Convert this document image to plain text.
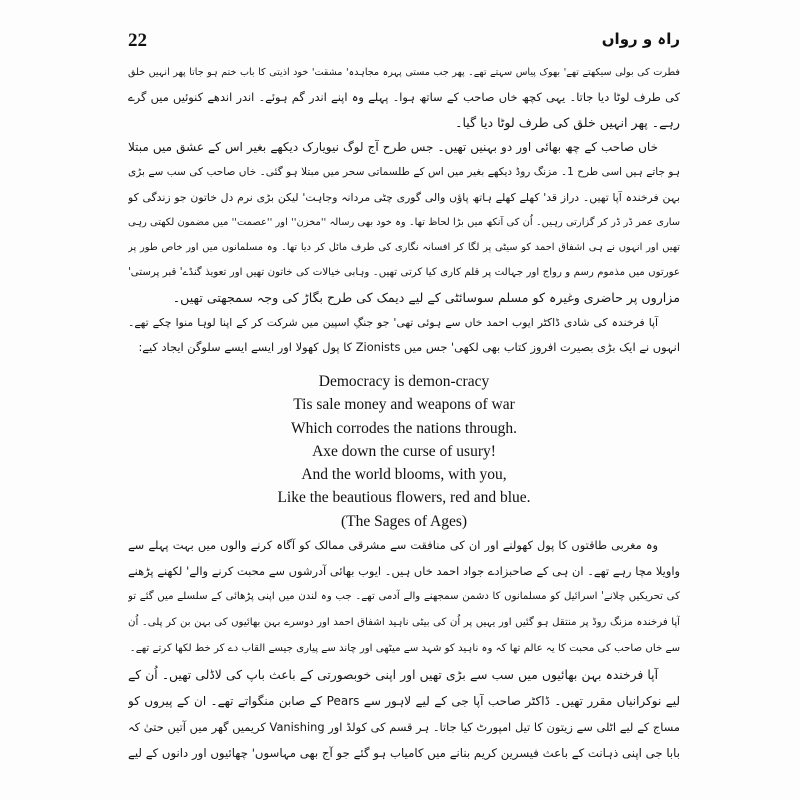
22	راہ و رواں
فطرت کی بولی سیکھتے تھے' بھوک پیاس سہتے تھے۔ پھر جب مستی پہرہ مجاہدہ' مشقت' خود اذیتی کا باب ختم ہو جاتا پھر انہیں خلق
کی طرف لوٹا دیا جاتا۔ یہی کچھ خاں صاحب کے ساتھ ہوا۔ پہلے وہ اپنے اندر گم ہوئے۔ اندر اندھے کنوئیں میں گرے
رہے۔ پھر انہیں خلق کی طرف لوٹا دیا گیا۔
خاں صاحب کے چھ بھائی اور دو بہنیں تھیں۔ جس طرح آج لوگ نیویارک دیکھے بغیر اس کے عشق میں مبتلا
ہو جاتے ہیں اسی طرح 1۔ مزنگ روڈ دیکھے بغیر میں اس کے طلسماتی سحر میں مبتلا ہو گئی۔ خاں صاحب کی سب سے بڑی
بہن فرخندہ آپا تھیں۔ دراز قد' کھلے کھلے ہاتھ پاؤں والی گوری چٹی مردانہ وجاہت' لیکن بڑی نرم دل خاتون جو زندگی کو
ساری عمر ڈر ڈر کر گزارتی رہیں۔ اُن کی آنکھ میں بڑا لحاظ تھا۔ وہ خود بھی رسالہ ''مخزن'' اور ''عصمت'' میں مضمون لکھتی رہی
تھیں اور انہوں نے ہی اشفاق احمد کو سیٹی پر لگا کر افسانہ نگاری کی طرف مائل کر دیا تھا۔ وہ مسلمانوں میں اور خاص طور پر
عورتوں میں مذموم رسم و رواج اور جہالت پر قلم کاری کیا کرتی تھیں۔ وہابی خیالات کی خاتون تھیں اور تعویذ گنڈے' قبر پرستی'
مزاروں پر حاضری وغیرہ کو مسلم سوسائٹی کے لیے دیمک کی طرح بگاڑ کی وجہ سمجھتی تھیں۔
آپا فرخندہ کی شادی ڈاکٹر ایوب احمد خاں سے ہوئی تھی' جو جنگِ اسپین میں شرکت کر کے اپنا لوہا منوا چکے تھے۔
انہوں نے ایک بڑی بصیرت افروز کتاب بھی لکھی' جس میں Zionists کا پول کھولا اور ایسے ایسے سلوگن ایجاد کیے:
Democracy is demon-cracy
Tis sale money and weapons of war
Which corrodes the nations through.
Axe down the curse of usury!
And the world blooms, with you,
Like the beautious flowers, red and blue.
(The Sages of Ages)
وہ مغربی طاقتوں کا پول کھولنے اور ان کی منافقت سے مشرقی ممالک کو آگاہ کرنے والوں میں بہت پہلے سے
واویلا مچا رہے تھے۔ ان ہی کے صاحبزادے جواد احمد خاں ہیں۔ ایوب بھائی آدرشوں سے محبت کرنے والے' لکھنے پڑھنے
کی تحریکیں چلانے' اسرائیل کو مسلمانوں کا دشمن سمجھنے والے آدمی تھے۔ جب وہ لندن میں اپنی پڑھائی کے سلسلے میں گئے تو
آپا فرخندہ مزنگ روڈ پر منتقل ہو گئیں اور یہیں پر اُن کی بیٹی ناہید اشفاق احمد اور دوسرے بہن بھائیوں کی بہن بن کر پلی۔ اُن
سے خاں صاحب کی محبت کا یہ عالم تھا کہ وہ ناہید کو شہد سے میٹھی اور چاند سے پیاری جیسے القاب دے کر خط لکھا کرتے تھے۔
آپا فرخندہ بہن بھائیوں میں سب سے بڑی تھیں اور اپنی خوبصورتی کے باعث باپ کی لاڈلی تھیں۔ اُن کے
لیے نوکرانیاں مقرر تھیں۔ ڈاکٹر صاحب آپا جی کے لیے لاہور سے Pears کے صابن منگواتے تھے۔ ان کے پیروں کو
مساج کے لیے اٹلی سے زیتون کا تیل امپورٹ کیا جاتا۔ ہر قسم کی کولڈ اور Vanishing کریمیں گھر میں آتیں حتیٰ کہ
بابا جی اپنی ذہانت کے باعث فیسرین کریم بنانے میں کامیاب ہو گئے جو آج بھی مہاسوں' چھائیوں اور دانوں کے لیے
